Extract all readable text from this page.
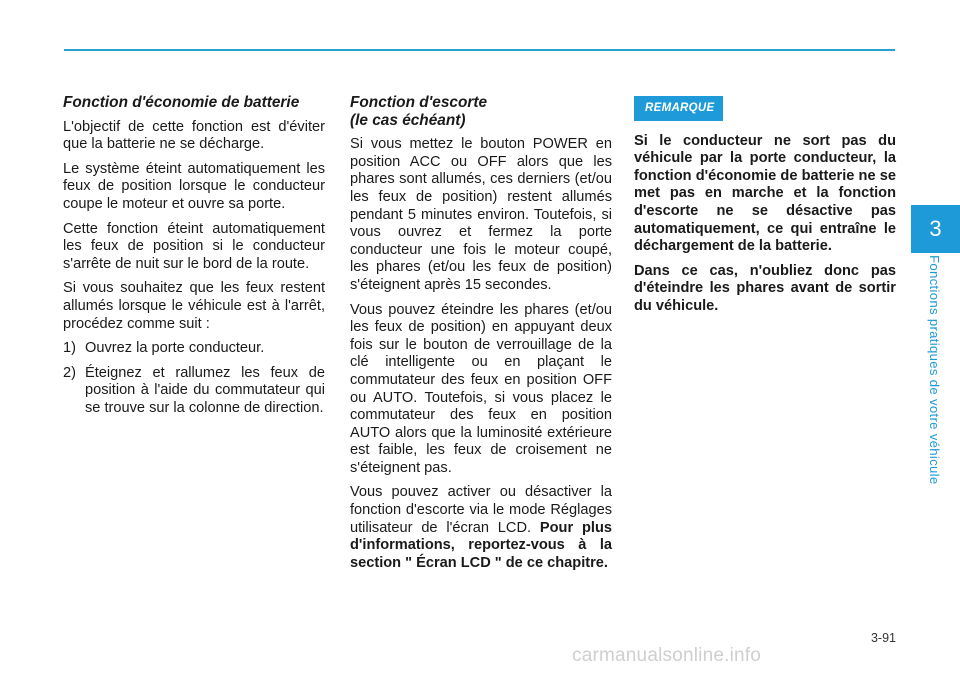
Fonction d'économie de batterie
L'objectif de cette fonction est d'éviter que la batterie ne se décharge.
Le système éteint automatiquement les feux de position lorsque le conducteur coupe le moteur et ouvre sa porte.
Cette fonction éteint automatiquement les feux de position si le conducteur s'arrête de nuit sur le bord de la route.
Si vous souhaitez que les feux restent allumés lorsque le véhicule est à l'arrêt, procédez comme suit :
1) Ouvrez la porte conducteur.
2) Éteignez et rallumez les feux de position à l'aide du commutateur qui se trouve sur la colonne de direction.
Fonction d'escorte
(le cas échéant)
Si vous mettez le bouton POWER en position ACC ou OFF alors que les phares sont allumés, ces derniers (et/ou les feux de position) restent allumés pendant 5 minutes environ. Toutefois, si vous ouvrez et fermez la porte conducteur une fois le moteur coupé, les phares (et/ou les feux de position) s'éteignent après 15 secondes.
Vous pouvez éteindre les phares (et/ou les feux de position) en appuyant deux fois sur le bouton de verrouillage de la clé intelligente ou en plaçant le commutateur des feux en position OFF ou AUTO. Toutefois, si vous placez le commutateur des feux en position AUTO alors que la luminosité extérieure est faible, les feux de croisement ne s'éteignent pas.
Vous pouvez activer ou désactiver la fonction d'escorte via le mode Réglages utilisateur de l'écran LCD. Pour plus d'informations, reportez-vous à la section " Écran LCD " de ce chapitre.
REMARQUE
Si le conducteur ne sort pas du véhicule par la porte conducteur, la fonction d'économie de batterie ne se met pas en marche et la fonction d'escorte ne se désactive pas automatiquement, ce qui entraîne le déchargement de la batterie.
Dans ce cas, n'oubliez donc pas d'éteindre les phares avant de sortir du véhicule.
3
Fonctions pratiques de votre véhicule
3-91
carmanualsonline.info
